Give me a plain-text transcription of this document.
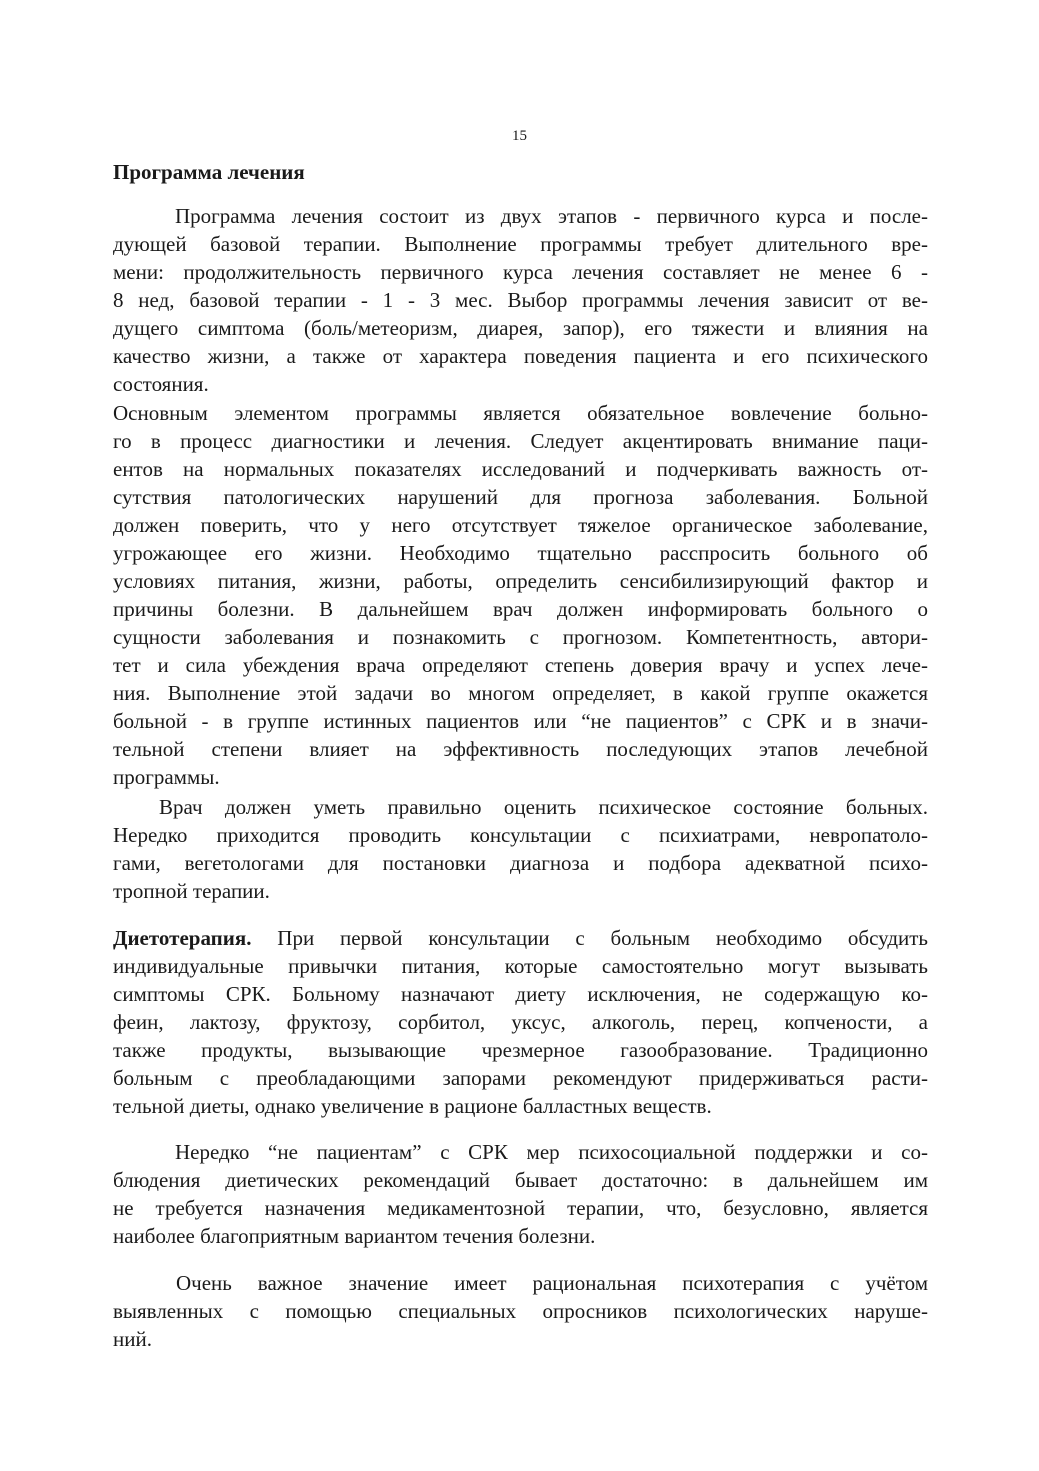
15
Программа лечения
Программа лечения состоит из двух этапов - первичного курса и после-
дующей базовой терапии. Выполнение программы требует длительного вре-
мени: продолжительность первичного курса лечения составляет не менее 6 -
8 нед, базовой терапии - 1 - 3 мес. Выбор программы лечения зависит от ве-
дущего симптома (боль/метеоризм, диарея, запор), его тяжести и влияния на
качество жизни, а также от характера поведения пациента и его психического
состояния.
Основным элементом программы является обязательное вовлечение больно-
го в процесс диагностики и лечения. Следует акцентировать внимание паци-
ентов на нормальных показателях исследований и подчеркивать важность от-
сутствия патологических нарушений для прогноза заболевания. Больной
должен поверить, что у него отсутствует тяжелое органическое заболевание,
угрожающее его жизни. Необходимо тщательно расспросить больного об
условиях питания, жизни, работы, определить сенсибилизирующий фактор и
причины болезни. В дальнейшем врач должен информировать больного о
сущности заболевания и познакомить с прогнозом. Компетентность, автори-
тет и сила убеждения врача определяют степень доверия врачу и успех лече-
ния. Выполнение этой задачи во многом определяет, в какой группе окажется
больной - в группе истинных пациентов или “не пациентов” с СРК и в значи-
тельной степени влияет на эффективность последующих этапов лечебной
программы.
Врач должен уметь правильно оценить психическое состояние больных.
Нередко приходится проводить консультации с психиатрами, невропатоло-
гами, вегетологами для постановки диагноза и подбора адекватной психо-
тропной терапии.
Диетотерапия. При первой консультации с больным необходимо обсудить
индивидуальные привычки питания, которые самостоятельно могут вызывать
симптомы СРК. Больному назначают диету исключения, не содержащую ко-
феин, лактозу, фруктозу, сорбитол, уксус, алкоголь, перец, копчености, а
также продукты, вызывающие чрезмерное газообразование. Традиционно
больным с преобладающими запорами рекомендуют придерживаться расти-
тельной диеты, однако увеличение в рационе балластных веществ.
Нередко “не пациентам” с СРК мер психосоциальной поддержки и со-
блюдения диетических рекомендаций бывает достаточно: в дальнейшем им
не требуется назначения медикаментозной терапии, что, безусловно, является
наиболее благоприятным вариантом течения болезни.
Очень важное значение имеет рациональная психотерапия с учётом
выявленных с помощью специальных опросников психологических наруше-
ний.
